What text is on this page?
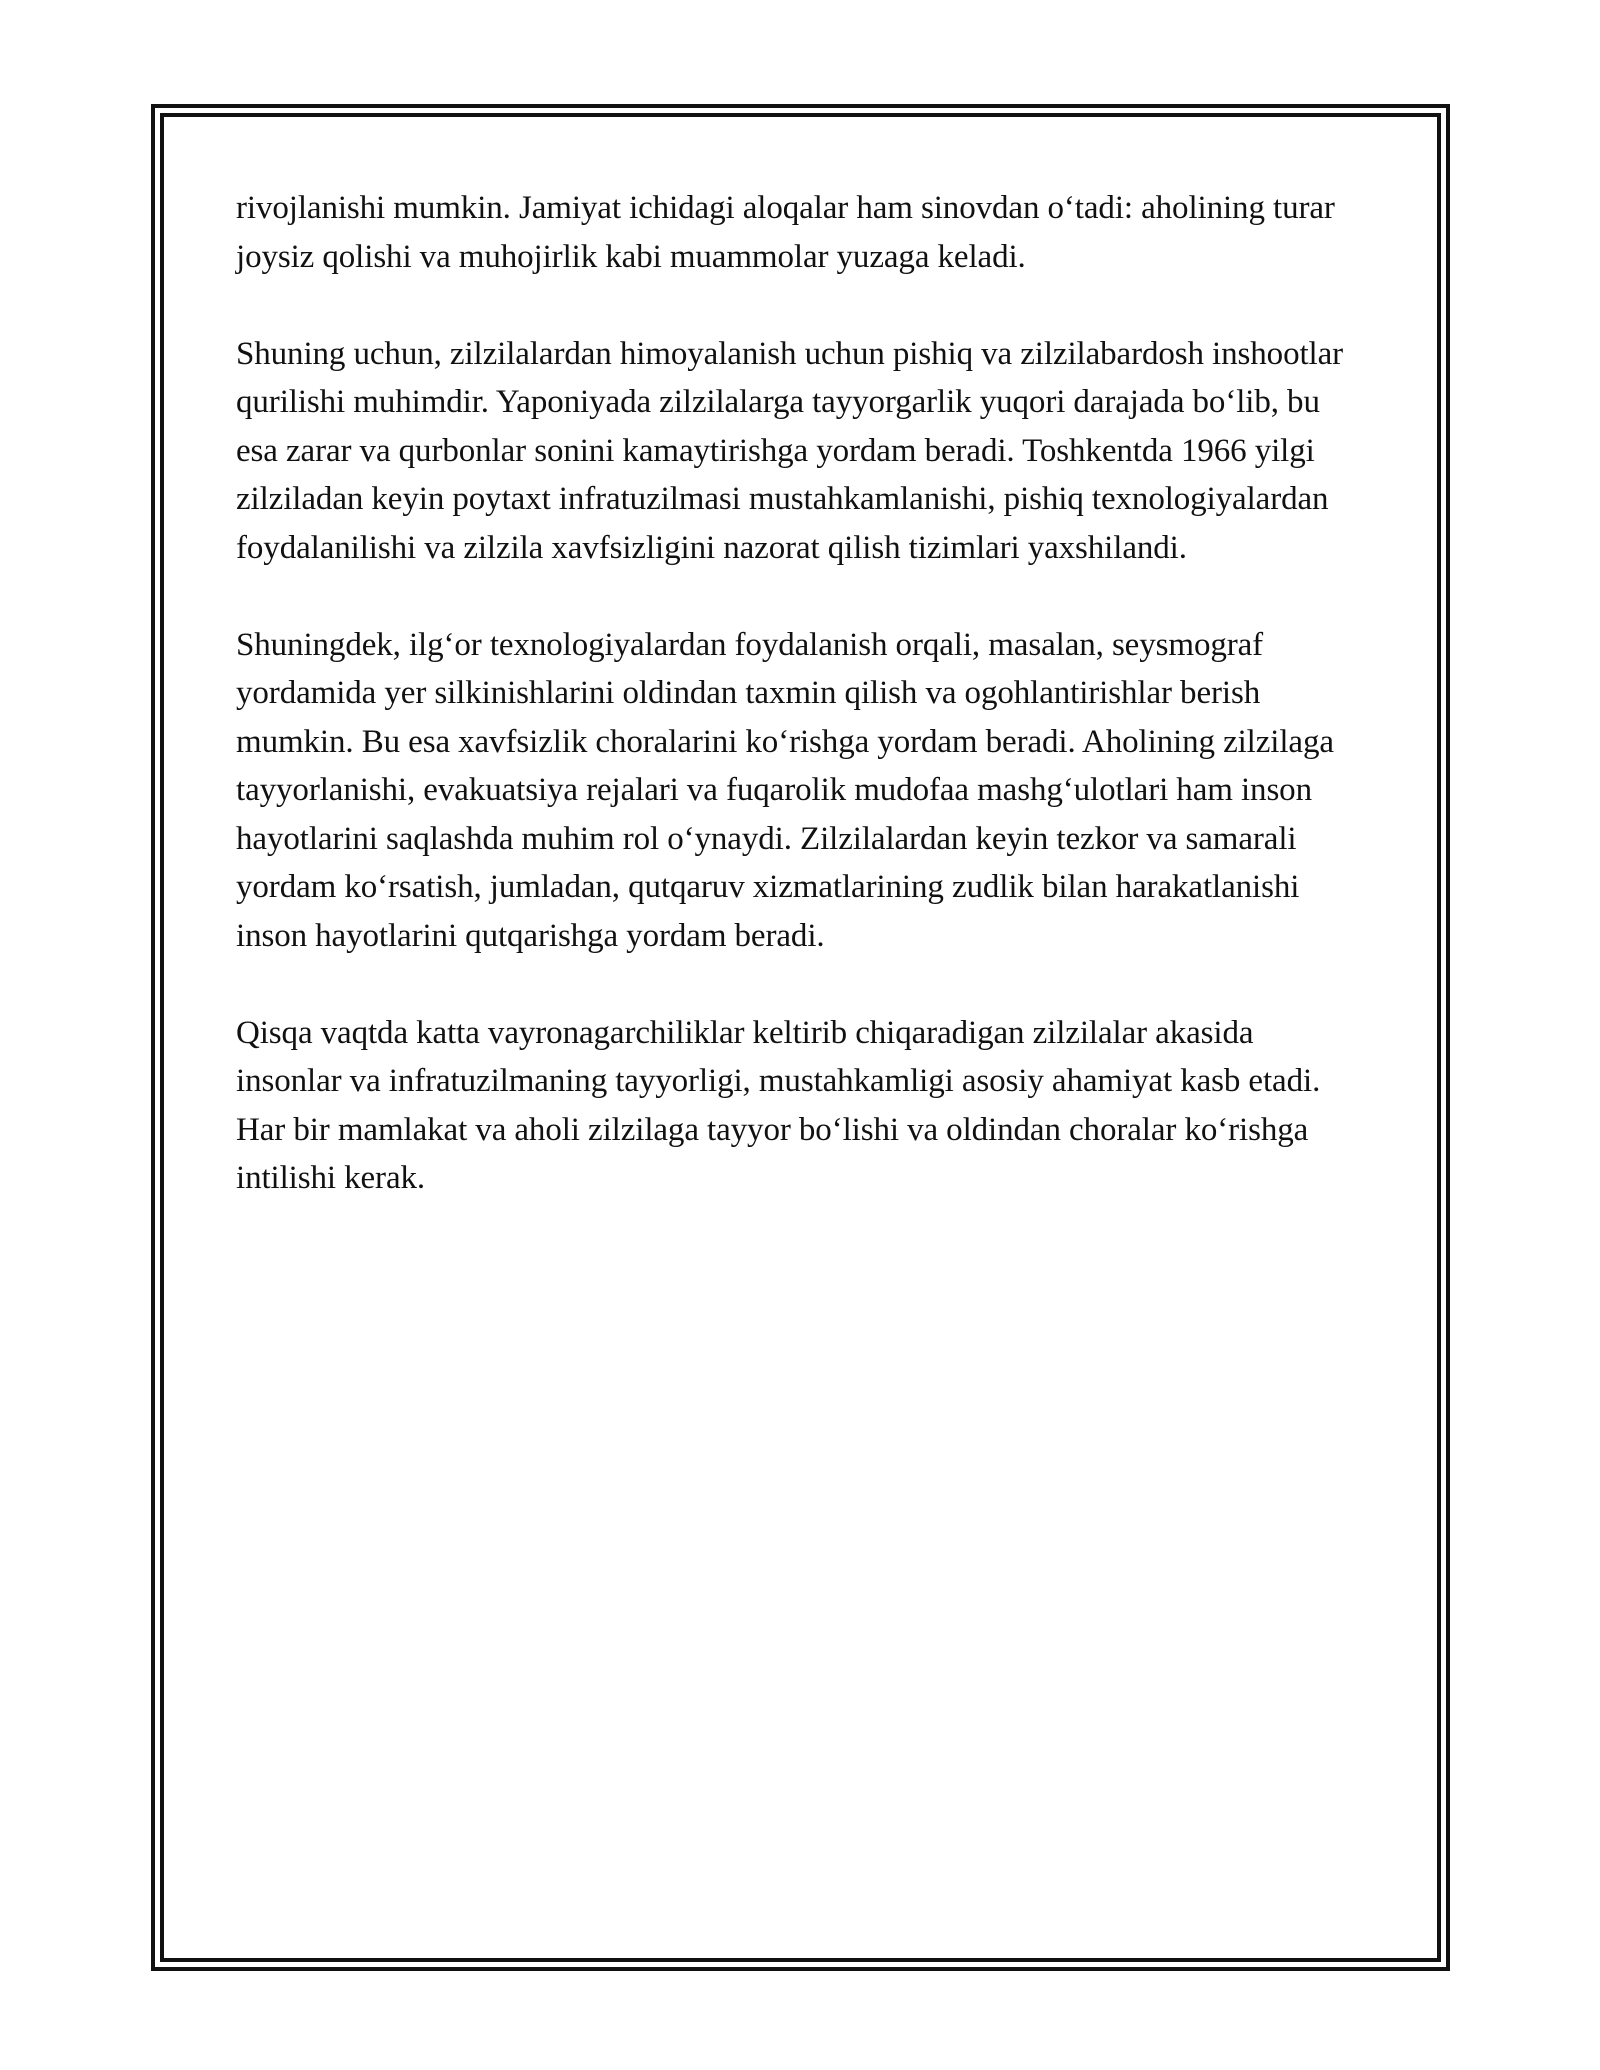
rivojlanishi mumkin. Jamiyat ichidagi aloqalar ham sinovdan o‘tadi: aholining turar joysiz qolishi va muhojirlik kabi muammolar yuzaga keladi.

Shuning uchun, zilzilalardan himoyalanish uchun pishiq va zilzilabardosh inshootlar qurilishi muhimdir. Yaponiyada zilzilalarga tayyorgarlik yuqori darajada bo‘lib, bu esa zarar va qurbonlar sonini kamaytirishga yordam beradi. Toshkentda 1966 yilgi zilziladan keyin poytaxt infratuzilmasi mustahkamlanishi, pishiq texnologiyalardan foydalanilishi va zilzila xavfsizligini nazorat qilish tizimlari yaxshilandi.

Shuningdek, ilg‘or texnologiyalardan foydalanish orqali, masalan, seysmograf yordamida yer silkinishlarini oldindan taxmin qilish va ogohlantirishlar berish mumkin. Bu esa xavfsizlik choralarini ko‘rishga yordam beradi. Aholining zilzilaga tayyorlanishi, evakuatsiya rejalari va fuqarolik mudofaa mashg‘ulotlari ham inson hayotlarini saqlashda muhim rol o‘ynaydi. Zilzilalardan keyin tezkor va samarali yordam ko‘rsatish, jumladan, qutqaruv xizmatlarining zudlik bilan harakatlanishi inson hayotlarini qutqarishga yordam beradi.

Qisqa vaqtda katta vayronagarchiliklar keltirib chiqaradigan zilzilalar akasida insonlar va infratuzilmaning tayyorligi, mustahkamligi asosiy ahamiyat kasb etadi. Har bir mamlakat va aholi zilzilaga tayyor bo‘lishi va oldindan choralar ko‘rishga intilishi kerak.
